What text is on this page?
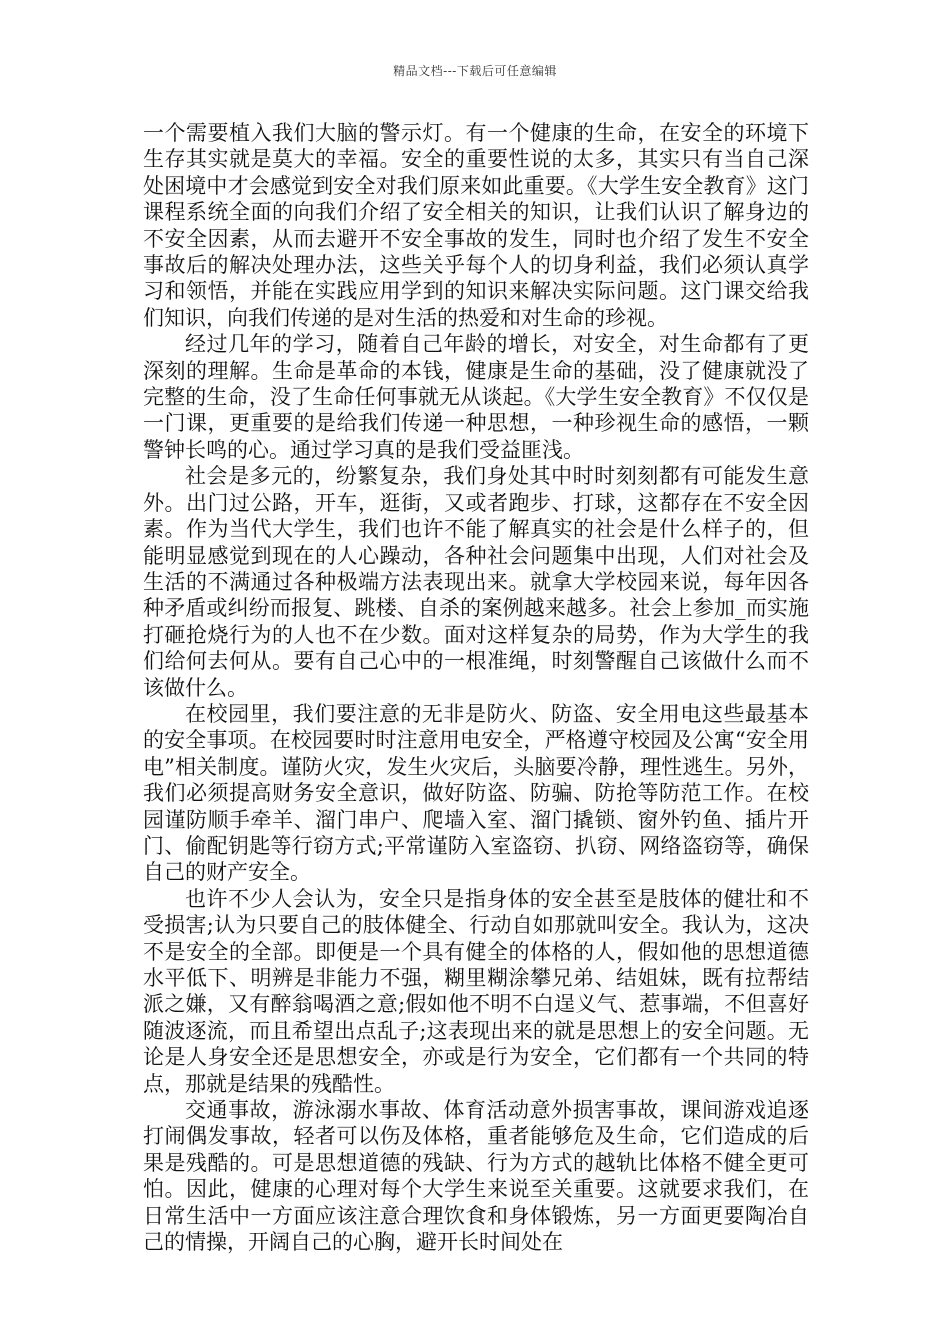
精品文档---下载后可任意编辑

一个需要植入我们大脑的警示灯。有一个健康的生命，在安全的环境下生存其实就是莫大的幸福。安全的重要性说的太多，其实只有当自己深处困境中才会感觉到安全对我们原来如此重要。《大学生安全教育》这门课程系统全面的向我们介绍了安全相关的知识，让我们认识了解身边的不安全因素，从而去避开不安全事故的发生，同时也介绍了发生不安全事故后的解决处理办法，这些关乎每个人的切身利益，我们必须认真学习和领悟，并能在实践应用学到的知识来解决实际问题。这门课交给我们知识，向我们传递的是对生活的热爱和对生命的珍视。

经过几年的学习，随着自己年龄的增长，对安全，对生命都有了更深刻的理解。生命是革命的本钱，健康是生命的基础，没了健康就没了完整的生命，没了生命任何事就无从谈起。《大学生安全教育》不仅仅是一门课，更重要的是给我们传递一种思想，一种珍视生命的感悟，一颗警钟长鸣的心。通过学习真的是我们受益匪浅。

社会是多元的，纷繁复杂，我们身处其中时时刻刻都有可能发生意外。出门过公路，开车，逛街，又或者跑步、打球，这都存在不安全因素。作为当代大学生，我们也许不能了解真实的社会是什么样子的，但能明显感觉到现在的人心躁动，各种社会问题集中出现，人们对社会及生活的不满通过各种极端方法表现出来。就拿大学校园来说，每年因各种矛盾或纠纷而报复、跳楼、自杀的案例越来越多。社会上参加_而实施打砸抢烧行为的人也不在少数。面对这样复杂的局势，作为大学生的我们给何去何从。要有自己心中的一根准绳，时刻警醒自己该做什么而不该做什么。

在校园里，我们要注意的无非是防火、防盗、安全用电这些最基本的安全事项。在校园要时时注意用电安全，严格遵守校园及公寓“安全用电”相关制度。谨防火灾，发生火灾后，头脑要冷静，理性逃生。另外，我们必须提高财务安全意识，做好防盗、防骗、防抢等防范工作。在校园谨防顺手牵羊、溜门串户、爬墙入室、溜门撬锁、窗外钓鱼、插片开门、偷配钥匙等行窃方式;平常谨防入室盗窃、扒窃、网络盗窃等，确保自己的财产安全。

也许不少人会认为，安全只是指身体的安全甚至是肢体的健壮和不受损害;认为只要自己的肢体健全、行动自如那就叫安全。我认为，这决不是安全的全部。即便是一个具有健全的体格的人，假如他的思想道德水平低下、明辨是非能力不强，糊里糊涂攀兄弟、结姐妹，既有拉帮结派之嫌，又有醉翁喝酒之意;假如他不明不白逞义气、惹事端，不但喜好随波逐流，而且希望出点乱子;这表现出来的就是思想上的安全问题。无论是人身安全还是思想安全，亦或是行为安全，它们都有一个共同的特点，那就是结果的残酷性。

交通事故，游泳溺水事故、体育活动意外损害事故，课间游戏追逐打闹偶发事故，轻者可以伤及体格，重者能够危及生命，它们造成的后果是残酷的。可是思想道德的残缺、行为方式的越轨比体格不健全更可怕。因此，健康的心理对每个大学生来说至关重要。这就要求我们，在日常生活中一方面应该注意合理饮食和身体锻炼，另一方面更要陶冶自己的情操，开阔自己的心胸，避开长时间处在
